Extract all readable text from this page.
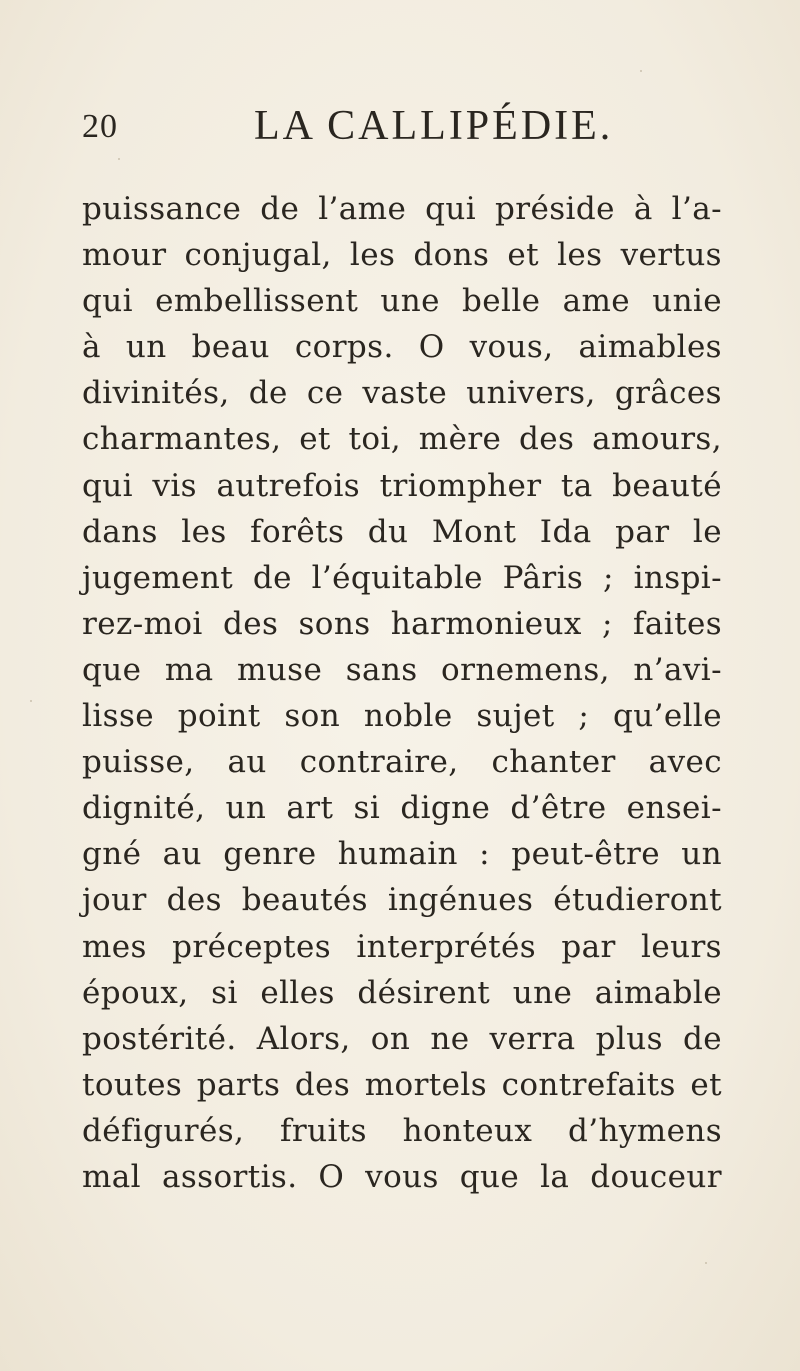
20	LA CALLIPÉDIE.
puissance de l’ame qui préside à l’a-
mour conjugal, les dons et les vertus
qui embellissent une belle ame unie
à un beau corps. O vous, aimables
divinités, de ce vaste univers, grâces
charmantes, et toi, mère des amours,
qui vis autrefois triompher ta beauté
dans les forêts du Mont Ida par le
jugement de l’équitable Pâris ; inspi-
rez-moi des sons harmonieux ; faites
que ma muse sans ornemens, n’avi-
lisse point son noble sujet ; qu’elle
puisse, au contraire, chanter avec
dignité, un art si digne d’être ensei-
gné au genre humain : peut-être un
jour des beautés ingénues étudieront
mes préceptes interprétés par leurs
époux, si elles désirent une aimable
postérité. Alors, on ne verra plus de
toutes parts des mortels contrefaits et
défigurés, fruits honteux d’hymens
mal assortis. O vous que la douceur
